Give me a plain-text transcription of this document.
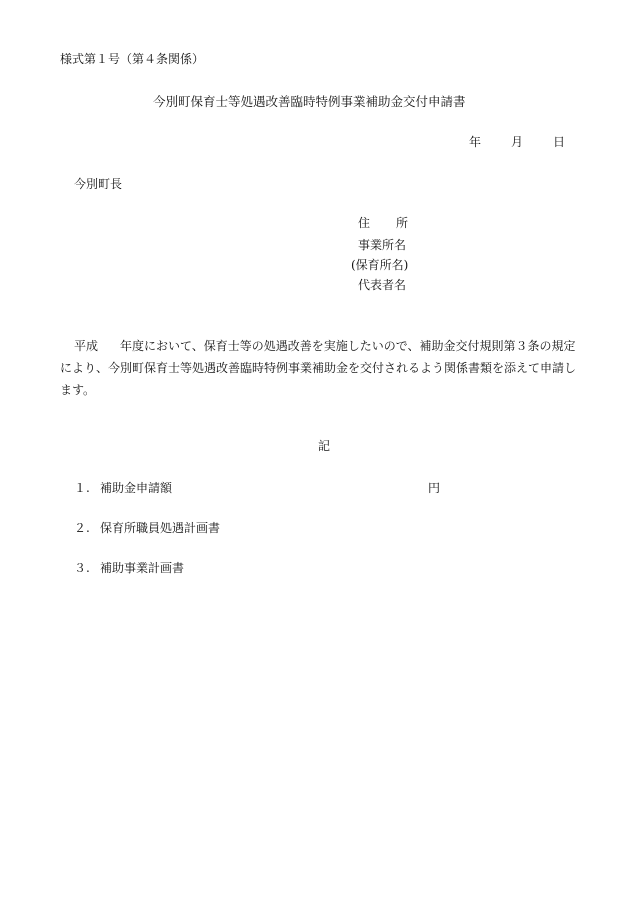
様式第１号（第４条関係）
今別町保育士等処遇改善臨時特例事業補助金交付申請書
年	月	日
今別町長
住 所
事業所名
(保育所名)
代表者名
平成 年度において、保育士等の処遇改善を実施したいので、補助金交付規則第３条の規定により、今別町保育士等処遇改善臨時特例事業補助金を交付されるよう関係書類を添えて申請します。
記
１. 補助金申請額	円
２. 保育所職員処遇計画書
３. 補助事業計画書
